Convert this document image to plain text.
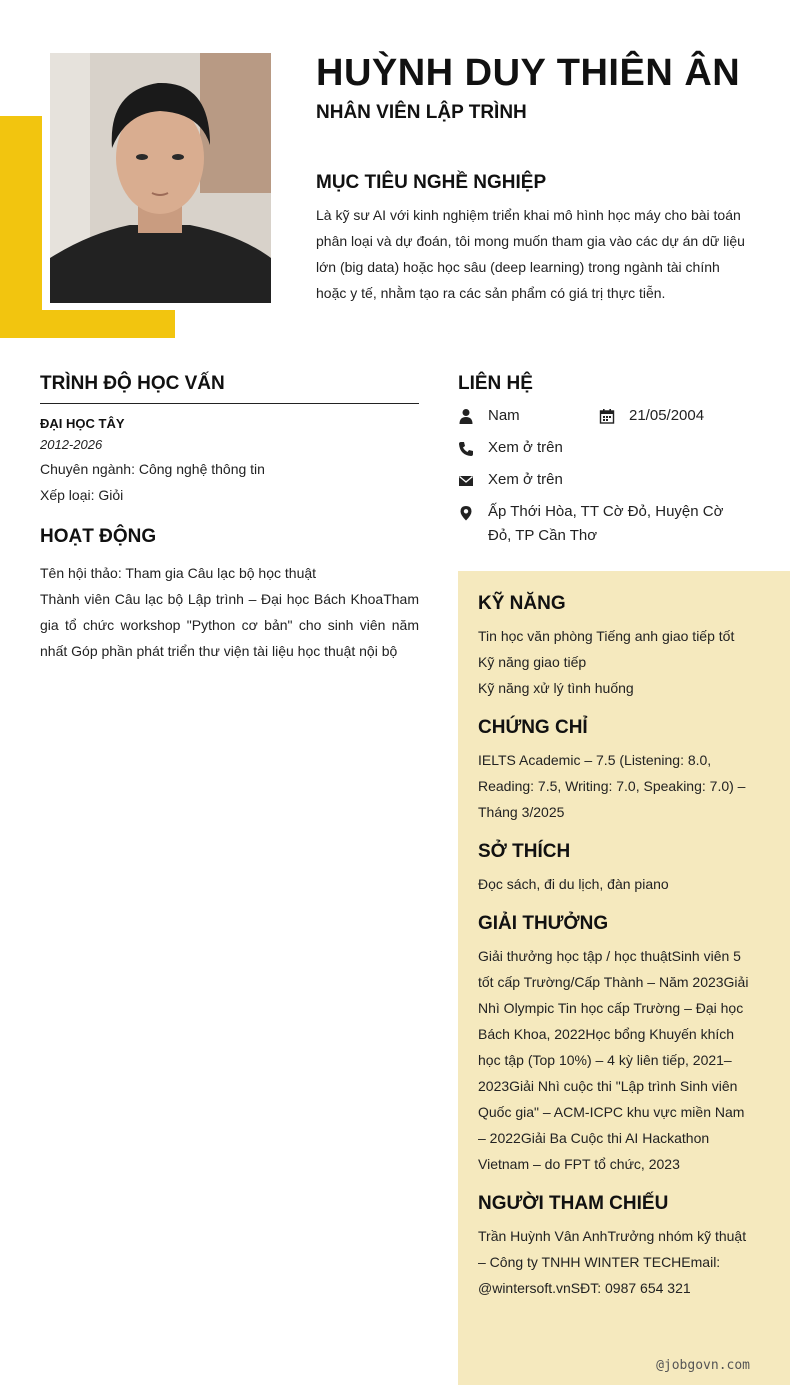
HUỲNH DUY THIÊN ÂN
NHÂN VIÊN LẬP TRÌNH
MỤC TIÊU NGHỀ NGHIỆP
Là kỹ sư AI với kinh nghiệm triển khai mô hình học máy cho bài toán phân loại và dự đoán, tôi mong muốn tham gia vào các dự án dữ liệu lớn (big data) hoặc học sâu (deep learning) trong ngành tài chính hoặc y tế, nhằm tạo ra các sản phẩm có giá trị thực tiễn.
TRÌNH ĐỘ HỌC VẤN
ĐẠI HỌC TÂY
2012-2026
Chuyên ngành: Công nghệ thông tin
Xếp loại: Giỏi
HOẠT ĐỘNG
Tên hội thảo: Tham gia Câu lạc bộ học thuật
Thành viên Câu lạc bộ Lập trình – Đại học Bách KhoaTham gia tổ chức workshop "Python cơ bản" cho sinh viên năm nhất Góp phần phát triển thư viện tài liệu học thuật nội bộ
LIÊN HỆ
Nam	21/05/2004
Xem ở trên
Xem ở trên
Ấp Thới Hòa, TT Cờ Đỏ, Huyện Cờ Đỏ, TP Cần Thơ
KỸ NĂNG
Tin học văn phòng Tiếng anh giao tiếp tốt
Kỹ năng giao tiếp
Kỹ năng xử lý tình huống
CHỨNG CHỈ
IELTS Academic – 7.5 (Listening: 8.0, Reading: 7.5, Writing: 7.0, Speaking: 7.0) – Tháng 3/2025
SỞ THÍCH
Đọc sách, đi du lịch, đàn piano
GIẢI THƯỞNG
Giải thưởng học tập / học thuậtSinh viên 5 tốt cấp Trường/Cấp Thành – Năm 2023Giải Nhì Olympic Tin học cấp Trường – Đại học Bách Khoa, 2022Học bổng Khuyến khích học tập (Top 10%) – 4 kỳ liên tiếp, 2021–2023Giải Nhì cuộc thi "Lập trình Sinh viên Quốc gia" – ACM-ICPC khu vực miền Nam – 2022Giải Ba Cuộc thi AI Hackathon Vietnam – do FPT tổ chức, 2023
NGƯỜI THAM CHIẾU
Trần Huỳnh Vân AnhTrưởng nhóm kỹ thuật – Công ty TNHH WINTER TECHEmail: @wintersoft.vnSĐT: 0987 654 321
@jobgovn.com
